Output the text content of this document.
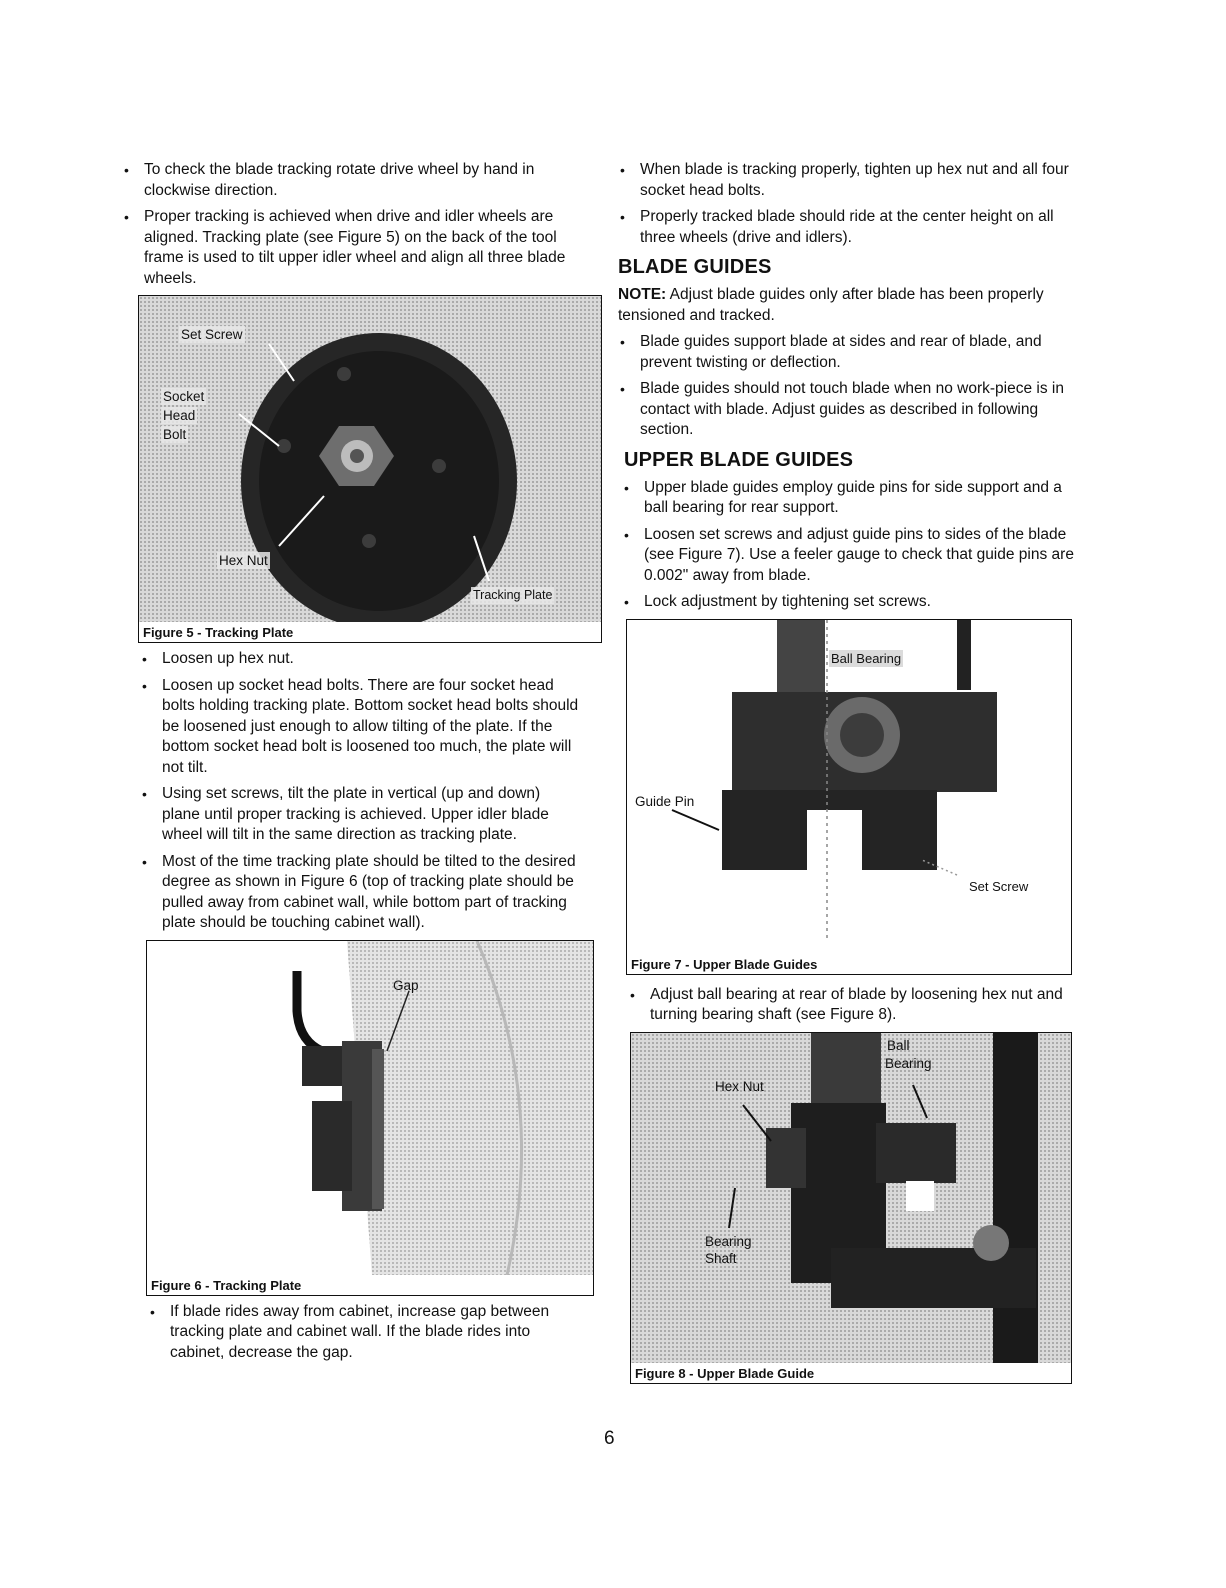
• To check the blade tracking rotate drive wheel by hand in clockwise direction.
• Proper tracking is achieved when drive and idler wheels are aligned. Tracking plate (see Figure 5) on the back of the tool frame is used to tilt upper idler wheel and align all three blade wheels.
Set Screw
Socket
Head
Bolt
Hex Nut
Tracking Plate
Figure 5 - Tracking Plate
• Loosen up hex nut.
• Loosen up socket head bolts. There are four socket head bolts holding tracking plate. Bottom socket head bolts should be loosened just enough to allow tilting of the plate. If the bottom socket head bolt is loosened too much, the plate will not tilt.
• Using set screws, tilt the plate in vertical (up and down) plane until proper tracking is achieved. Upper idler blade wheel will tilt in the same direction as tracking plate.
• Most of the time tracking plate should be tilted to the desired degree as shown in Figure 6 (top of tracking plate should be pulled away from cabinet wall, while bottom part of tracking plate should be touching cabinet wall).
Gap
Figure 6 - Tracking Plate
• If blade rides away from cabinet, increase gap between tracking plate and cabinet wall. If the blade rides into cabinet, decrease the gap.
• When blade is tracking properly, tighten up hex nut and all four socket head bolts.
• Properly tracked blade should ride at the center height on all three wheels (drive and idlers).
BLADE GUIDES
NOTE: Adjust blade guides only after blade has been properly tensioned and tracked.
• Blade guides support blade at sides and rear of blade, and prevent twisting or deflection.
• Blade guides should not touch blade when no work-piece is in contact with blade. Adjust guides as described in following section.
UPPER BLADE GUIDES
• Upper blade guides employ guide pins for side support and a ball bearing for rear support.
• Loosen set screws and adjust guide pins to sides of the blade (see Figure 7). Use a feeler gauge to check that guide pins are 0.002" away from blade.
• Lock adjustment by tightening set screws.
Ball Bearing
Guide Pin
Set Screw
Figure 7 - Upper Blade Guides
• Adjust ball bearing at rear of blade by loosening hex nut and turning bearing shaft (see Figure 8).
Ball
Bearing
Hex Nut
Bearing
Shaft
Figure 8 - Upper Blade Guide
6
